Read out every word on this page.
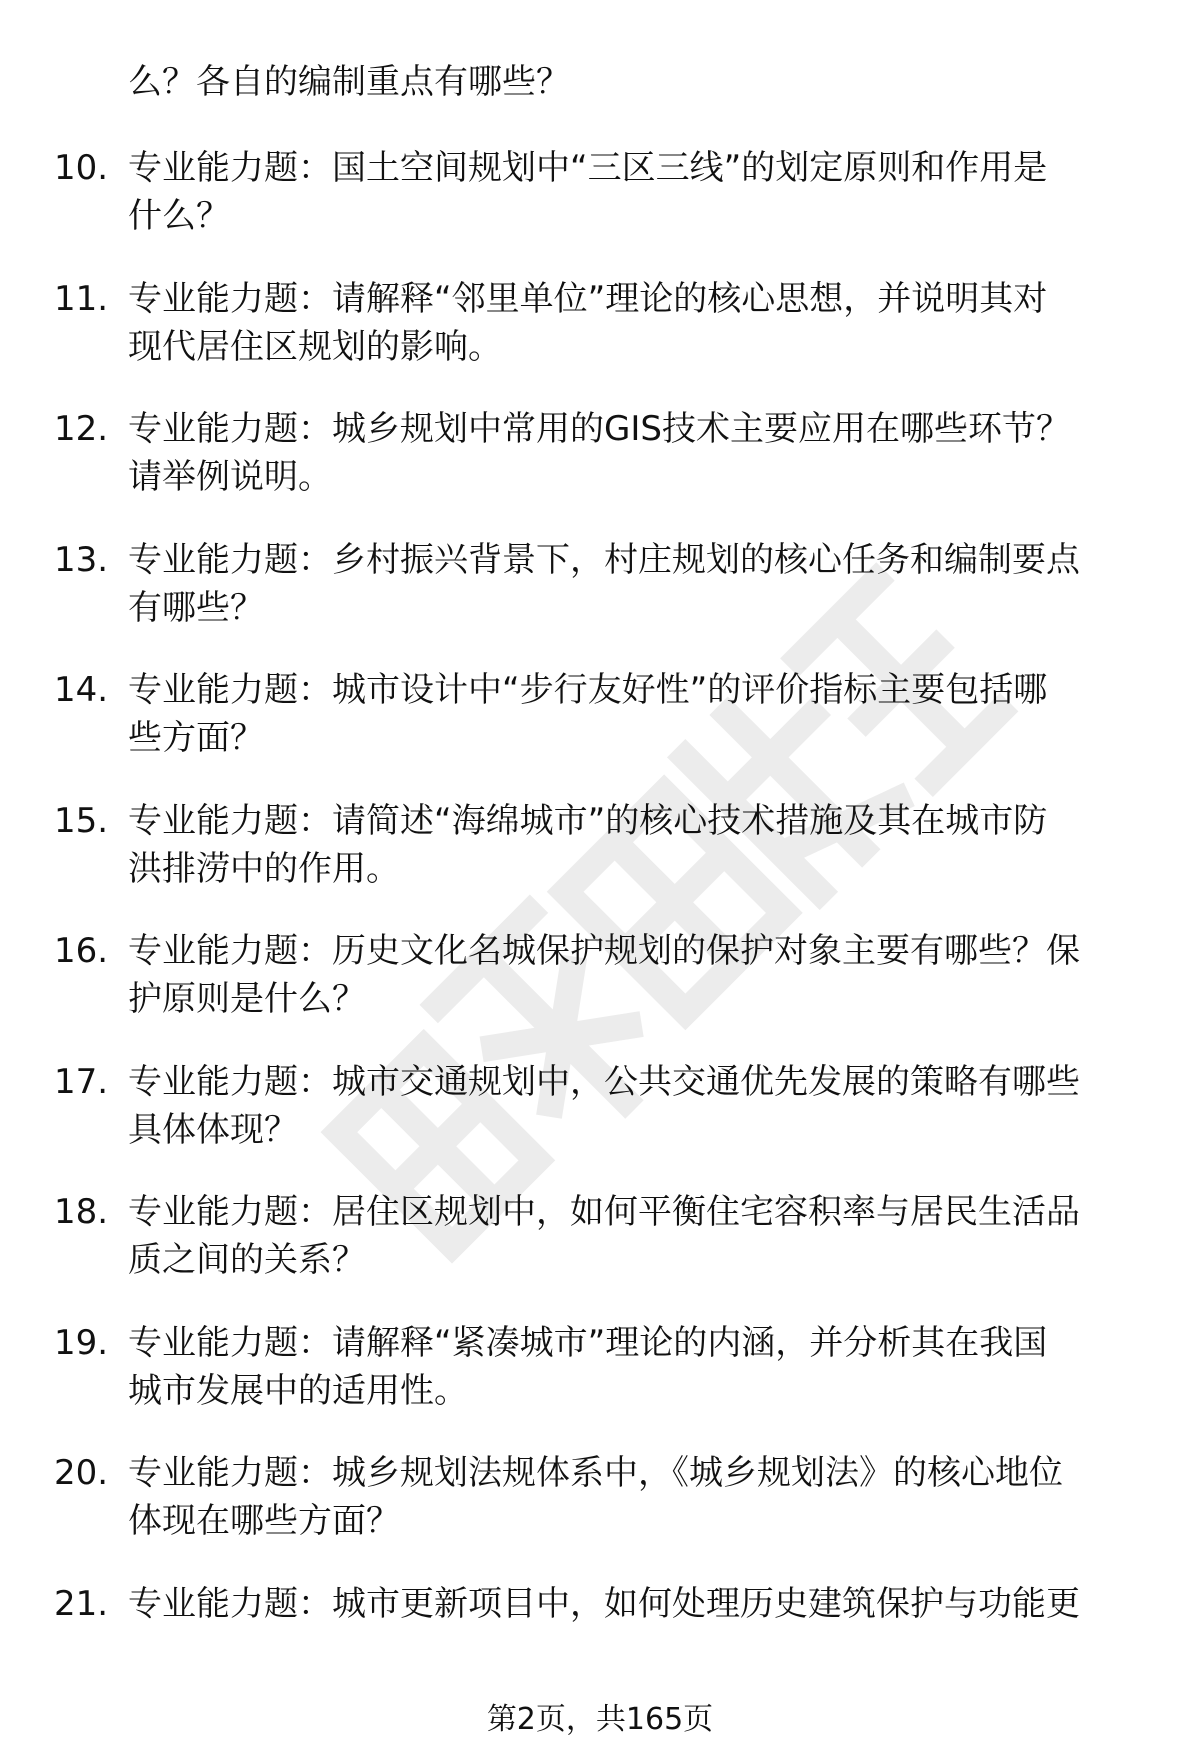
么？各自的编制重点有哪些？
10. 专业能力题：国土空间规划中“三区三线”的划定原则和作用是
什么？
11. 专业能力题：请解释“邻里单位”理论的核心思想，并说明其对
现代居住区规划的影响。
12. 专业能力题：城乡规划中常用的GIS技术主要应用在哪些环节？
请举例说明。
13. 专业能力题：乡村振兴背景下，村庄规划的核心任务和编制要点
有哪些？
14. 专业能力题：城市设计中“步行友好性”的评价指标主要包括哪
些方面？
15. 专业能力题：请简述“海绵城市”的核心技术措施及其在城市防
洪排涝中的作用。
16. 专业能力题：历史文化名城保护规划的保护对象主要有哪些？保
护原则是什么？
17. 专业能力题：城市交通规划中，公共交通优先发展的策略有哪些
具体体现？
18. 专业能力题：居住区规划中，如何平衡住宅容积率与居民生活品
质之间的关系？
19. 专业能力题：请解释“紧凑城市”理论的内涵，并分析其在我国
城市发展中的适用性。
20. 专业能力题：城乡规划法规体系中，《城乡规划法》的核心地位
体现在哪些方面？
21. 专业能力题：城市更新项目中，如何处理历史建筑保护与功能更
第2页，共165页
